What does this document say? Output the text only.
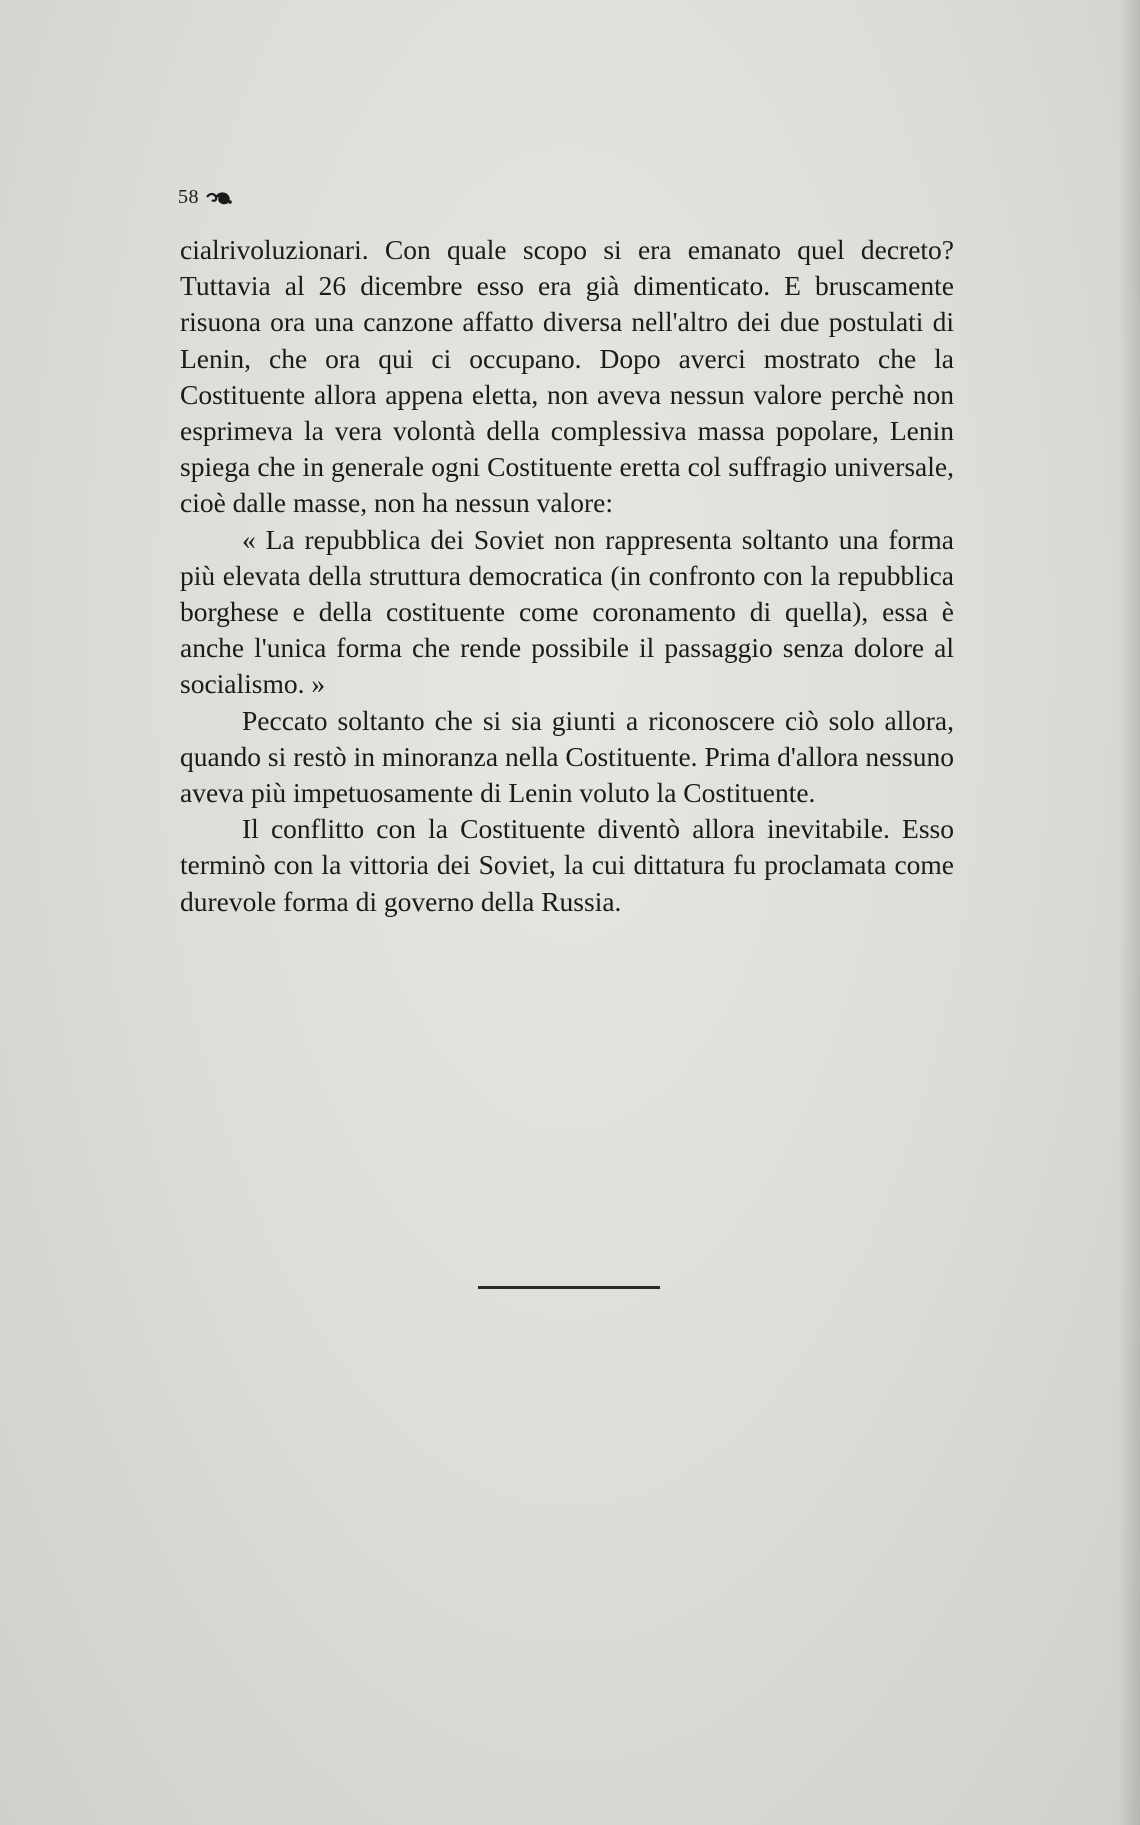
58

cialrivoluzionari. Con quale scopo si era emanato quel decreto? Tuttavia al 26 dicembre esso era già dimenticato. E bruscamente risuona ora una canzone affatto diversa nell'altro dei due postulati di Lenin, che ora qui ci occupano. Dopo averci mostrato che la Costituente allora appena eletta, non aveva nessun valore perchè non esprimeva la vera volontà della complessiva massa popolare, Lenin spiega che in generale ogni Costituente eretta col suffragio universale, cioè dalle masse, non ha nessun valore:

« La repubblica dei Soviet non rappresenta soltanto una forma più elevata della struttura democratica (in confronto con la repubblica borghese e della costituente come coronamento di quella), essa è anche l'unica forma che rende possibile il passaggio senza dolore al socialismo. »

Peccato soltanto che si sia giunti a riconoscere ciò solo allora, quando si restò in minoranza nella Costituente. Prima d'allora nessuno aveva più impetuosamente di Lenin voluto la Costituente.

Il conflitto con la Costituente diventò allora inevitabile. Esso terminò con la vittoria dei Soviet, la cui dittatura fu proclamata come durevole forma di governo della Russia.
